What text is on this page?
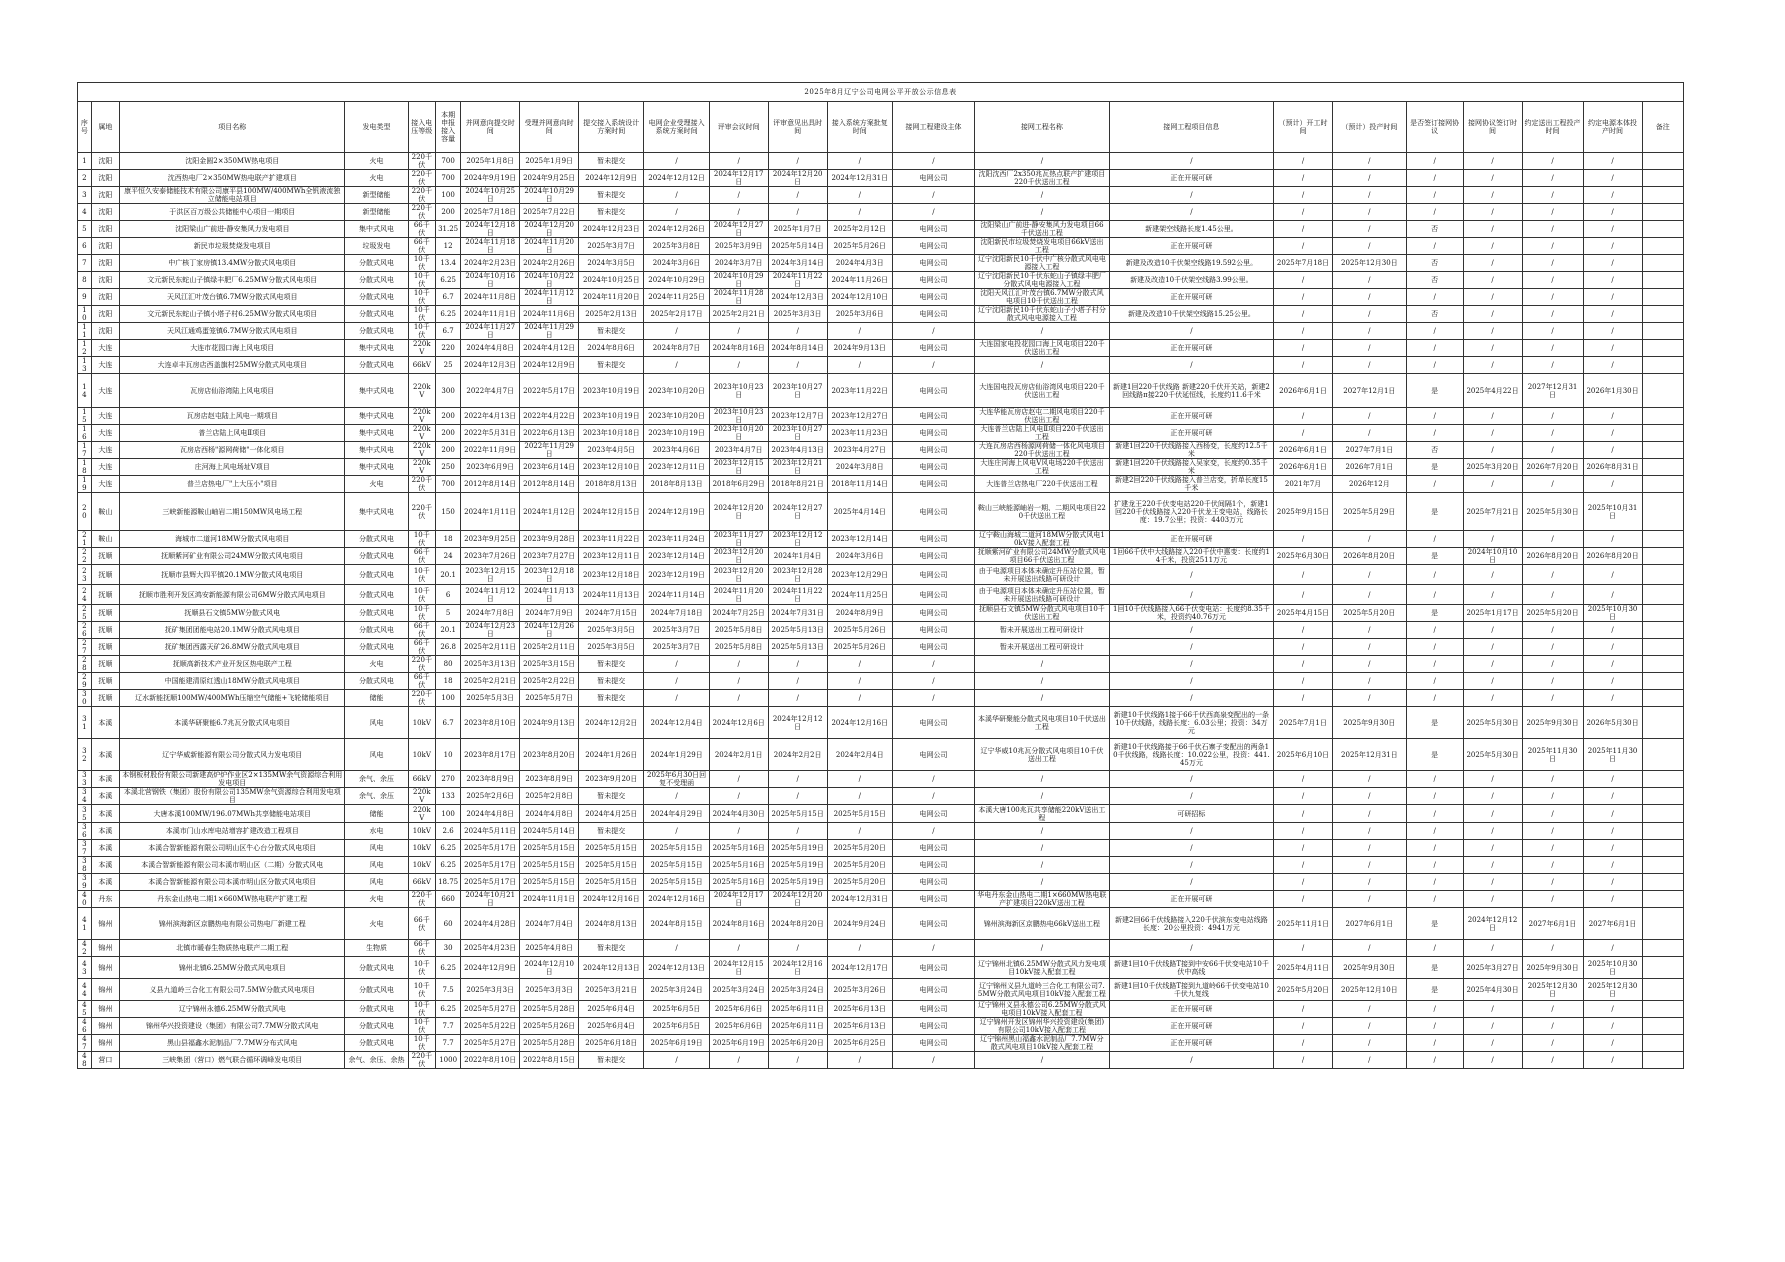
2025年8月辽宁公司电网公平开放公示信息表																						
序号	属地	项目名称	发电类型	接入电压等级	本期申报接入容量	并网意向提交时间	受理并网意向时间	提交接入系统设计方案时间	电网企业受理接入系统方案时间	评审会议时间	评审意见出具时间	接入系统方案批复时间	接网工程建设主体	接网工程名称	接网工程项目信息	（预计）开工时间	（预计）投产时间	是否签订接网协议	接网协议签订时间	约定送出工程投产时间	约定电源本体投产时间	备注
1	沈阳	沈阳金圆2×350MW热电项目	火电	220千伏	700	2025年1月8日	2025年1月9日	暂未提交	/	/	/	/	/	/	/	/	/	/	/	/	/	
2	沈阳	沈西热电厂2×350MW热电联产扩建项目	火电	220千伏	700	2024年9月19日	2024年9月25日	2024年12月9日	2024年12月12日	2024年12月17日	2024年12月20日	2024年12月31日	电网公司	沈阳沈西厂2x350兆瓦热点联产扩建项目220千伏送出工程	正在开展可研	/	/	/	/	/	/	
3	沈阳	康平恒久安泰储能技术有限公司康平县100MW/400MWh全钒液流独立储能电站项目	新型储能	220千伏	100	2024年10月25日	2024年10月29日	暂未提交	/	/	/	/	/	/	/	/	/	/	/	/	/	
4	沈阳	于洪区百万级公共储能中心项目一期项目	新型储能	220千伏	200	2025年7月18日	2025年7月22日	暂未提交	/	/	/	/	/	/	/	/	/	/	/	/	/	
5	沈阳	沈阳梁山广前进-静安集风力发电项目	集中式风电	66千伏	31.25	2024年12月18日	2024年12月20日	2024年12月23日	2024年12月26日	2024年12月27日	2025年1月7日	2025年2月12日	电网公司	沈阳梁山广前进-静安集风力发电项目66千伏送出工程	新建架空线路长度1.45公里。	/	/	否	/	/	/	
6	沈阳	新民市垃圾焚烧发电项目	垃圾发电	66千伏	12	2024年11月18日	2024年11月20日	2025年3月7日	2025年3月8日	2025年3月9日	2025年5月14日	2025年5月26日	电网公司	沈阳新民市垃圾焚烧发电项目66kV送出工程	正在开展可研	/	/	/	/	/	/	
7	沈阳	中广核丁家房镇13.4MW分散式风电项目	分散式风电	10千伏	13.4	2024年2月23日	2024年2月26日	2024年3月5日	2024年3月6日	2024年3月7日	2024年3月14日	2024年4月3日	电网公司	辽宁沈阳新民10千伏中广核分散式风电电源接入工程	新建及改造10千伏架空线路19.592公里。	2025年7月18日	2025年12月30日	否	/	/	/	
8	沈阳	文元新民东蛇山子镇绿丰肥厂6.25MW分散式风电项目	分散式风电	10千伏	6.25	2024年10月16日	2024年10月22日	2024年10月25日	2024年10月29日	2024年10月29日	2024年11月22日	2024年11月26日	电网公司	辽宁沈阳新民10千伏东蛇山子镇绿丰肥厂分散式风电电源接入工程	新建及改造10千伏架空线路3.99公里。	/	/	否	/	/	/	
9	沈阳	天风江汇叶茂台镇6.7MW分散式风电项目	分散式风电	10千伏	6.7	2024年11月8日	2024年11月12日	2024年11月20日	2024年11月25日	2024年11月28日	2024年12月3日	2024年12月10日	电网公司	沈阳天风江汇叶茂台镇6.7MW分散式风电项目10千伏送出工程	正在开展可研	/	/	/	/	/	/	
10	沈阳	文元新民东蛇山子镇小塔子村6.25MW分散式风电项目	分散式风电	10千伏	6.25	2024年11月1日	2024年11月6日	2025年2月13日	2025年2月17日	2025年2月21日	2025年3月3日	2025年3月6日	电网公司	辽宁沈阳新民10千伏东蛇山子小塔子村分散式风电电源接入工程	新建及改造10千伏架空线路15.25公里。	/	/	否	/	/	/	
11	沈阳	天风江通鸡蛋笼镇6.7MW分散式风电项目	分散式风电	10千伏	6.7	2024年11月27日	2024年11月29日	暂未提交	/	/	/	/	/	/	/	/	/	/	/	/	/	
12	大连	大连市花园口海上风电项目	集中式风电	220kV	220	2024年4月8日	2024年4月12日	2024年8月6日	2024年8月7日	2024年8月16日	2024年8月14日	2024年9月13日	电网公司	大连国家电投花园口海上风电项目220千伏送出工程	正在开展可研	/	/	/	/	/	/	
13	大连	大连卓丰瓦房店西盖旗村25MW分散式风电项目	分散式风电	66kV	25	2024年12月3日	2024年12月9日	暂未提交	/	/	/	/	/	/	/	/	/	/	/	/	/	
14	大连	瓦房店仙浴湾陆上风电项目	集中式风电	220kV	300	2022年4月7日	2022年5月17日	2023年10月19日	2023年10月20日	2023年10月23日	2023年10月27日	2023年11月22日	电网公司	大连国电投瓦房店仙浴湾风电项目220千伏送出工程	新建1回220千伏线路 新建220千伏开关站，新建2回线路π接220千伏延恒线，长度约11.6千米	2026年6月1日	2027年12月1日	是	2025年4月22日	2027年12月31日	2026年1月30日	
15	大连	瓦房店赵屯陆上风电一期项目	集中式风电	220kV	200	2022年4月13日	2022年4月22日	2023年10月19日	2023年10月20日	2023年10月23日	2023年12月7日	2023年12月27日	电网公司	大连华能瓦房店赵屯二期风电项目220千伏送出工程	正在开展可研	/	/	/	/	/	/	
16	大连	普兰店陆上风电Ⅱ项目	集中式风电	220kV	200	2022年5月31日	2022年6月13日	2023年10月18日	2023年10月19日	2023年10月20日	2023年10月27日	2023年11月23日	电网公司	大连普兰店陆上风电Ⅱ项目220千伏送出工程	正在开展可研	/	/	/	/	/	/	
17	大连	瓦房店西杨"源网荷储"一体化项目	集中式风电	220kV	200	2022年11月9日	2022年11月29日	2023年4月5日	2023年4月6日	2023年4月7日	2023年4月13日	2023年4月27日	电网公司	大连瓦房店西杨源网荷储一体化风电项目220千伏送出工程	新建1回220千伏线路接入西杨变，长度约12.5千米	2026年6月1日	2027年7月1日	否	/	/	/	
18	大连	庄河海上风电场址V项目	集中式风电	220kV	250	2023年6月9日	2023年6月14日	2023年12月10日	2023年12月11日	2023年12月15日	2023年12月21日	2024年3月8日	电网公司	大连庄河海上风电V风电场220千伏送出工程	新建1回220千伏线路接入吴家变，长度约0.35千米	2026年6月1日	2026年7月1日	是	2025年3月20日	2026年7月20日	2026年8月31日	
19	大连	普兰店热电厂"上大压小"项目	火电	220千伏	700	2012年8月14日	2012年8月14日	2018年8月13日	2018年8月13日	2018年6月29日	2018年8月21日	2018年11月14日	电网公司	大连普兰店热电厂220千伏送出工程	新建2回220千伏线路接入普兰店变，折单长度15千米	2021年7月	2026年12月	/	/	/	/	
20	鞍山	三峡新能源鞍山岫岩二期150MW风电场工程	集中式风电	220千伏	150	2024年1月11日	2024年1月12日	2024年12月15日	2024年12月19日	2024年12月20日	2024年12月27日	2025年4月14日	电网公司	鞍山三峡能源岫岩一期、二期风电项目220千伏送出工程	扩建龙王220千伏变电站220千伏间隔1个，新建1回220千伏线路接入220千伏龙王变电站，线路长度：19.7公里；投资：4403万元	2025年9月15日	2025年5月29日	是	2025年7月21日	2025年5月30日	2025年10月31日	
21	鞍山	海城市二道河18MW分散式风电项目	分散式风电	10千伏	18	2023年9月25日	2023年9月28日	2023年11月22日	2023年11月24日	2023年11月27日	2023年12月12日	2023年12月14日	电网公司	辽宁鞍山海城二道河18MW分散式风电10kV接入配套工程	正在开展可研	/	/	/	/	/	/	
22	抚顺	抚顺紫河矿业有限公司24MW分散式风电项目	分散式风电	66千伏	24	2023年7月26日	2023年7月27日	2023年12月11日	2023年12月14日	2023年12月20日	2024年1月4日	2024年3月6日	电网公司	抚顺紫河矿业有限公司24MW分散式风电项目66千伏送出工程	1回66千伏中大线路接入220千伏中惠变：长度约14千米，投资2511万元	2025年6月30日	2026年8月20日	是	2024年10月10日	2026年8月20日	2026年8月20日	
23	抚顺	抚顺市县辉大四平镇20.1MW分散式风电项目	分散式风电	10千伏	20.1	2023年12月15日	2023年12月18日	2023年12月18日	2023年12月19日	2023年12月20日	2023年12月28日	2023年12月29日	电网公司	由于电源项目本体未确定升压站位置，暂未开展送出线路可研设计	/	/	/	/	/	/	/	
24	抚顺	抚顺市胜利开发区鸿安新能源有限公司6MW分散式风电项目	分散式风电	10千伏	6	2024年11月12日	2024年11月13日	2024年11月13日	2024年11月14日	2024年11月20日	2024年11月22日	2024年11月25日	电网公司	由于电源项目本体未确定升压站位置，暂未开展送出线路可研设计	/	/	/	/	/	/	/	
25	抚顺	抚顺县石文镇5MW分散式风电	分散式风电	10千伏	5	2024年7月8日	2024年7月9日	2024年7月15日	2024年7月18日	2024年7月25日	2024年7月31日	2024年8月9日	电网公司	抚顺县石文镇5MW分散式风电项目10千伏送出工程	1回10千伏线路接入66千伏变电站：长度约8.35千米，投资约40.76万元	2025年4月15日	2025年5月20日	是	2025年1月17日	2025年5月20日	2025年10月30日	
26	抚顺	抚矿集团团能电站20.1MW分散式风电项目	分散式风电	66千伏	20.1	2024年12月23日	2024年12月26日	2025年3月5日	2025年3月7日	2025年5月8日	2025年5月13日	2025年5月26日	电网公司	暂未开展送出工程可研设计	/	/	/	/	/	/	/	
27	抚顺	抚矿集团西露天矿26.8MW分散式风电项目	分散式风电	66千伏	26.8	2025年2月11日	2025年2月11日	2025年3月5日	2025年3月7日	2025年5月8日	2025年5月13日	2025年5月26日	电网公司	暂未开展送出工程可研设计	/	/	/	/	/	/	/	
28	抚顺	抚顺高新技术产业开发区热电联产工程	火电	220千伏	80	2025年3月13日	2025年3月15日	暂未提交	/	/	/	/	/	/	/	/	/	/	/	/	/	
29	抚顺	中国能建清原红透山18MW分散式风电项目	分散式风电	66千伏	18	2025年2月21日	2025年2月22日	暂未提交	/	/	/	/	/	/	/	/	/	/	/	/	/	
30	抚顺	辽水新能抚顺100MW/400MWh压缩空气储能+飞轮储能项目	储能	220千伏	100	2025年5月3日	2025年5月7日	暂未提交	/	/	/	/	/	/	/	/	/	/	/	/	/	
31	本溪	本溪华研聚能6.7兆瓦分散式风电项目	风电	10kV	6.7	2023年8月10日	2024年9月13日	2024年12月2日	2024年12月4日	2024年12月6日	2024年12月12日	2024年12月16日	电网公司	本溪华研聚能分散式风电项目10千伏送出工程	新建10千伏线路1接于66千伏西高泉变配出的一条10千伏线路，线路长度：6.03公里；投资：34万元	2025年7月1日	2025年9月30日	是	2025年5月30日	2025年9月30日	2026年5月30日	
32	本溪	辽宁华威新能源有限公司分散式风力发电项目	风电	10kV	10	2023年8月17日	2023年8月20日	2024年1月26日	2024年1月29日	2024年2月1日	2024年2月2日	2024年2月4日	电网公司	辽宁华威10兆瓦分散式风电项目10千伏送出工程	新建10千伏线路接于66千伏石寨子变配出的两条10千伏线路，线路长度：10.022公里，投资：441.45万元	2025年6月10日	2025年12月31日	是	2025年5月30日	2025年11月30日	2025年11月30日	
33	本溪	本钢板材股份有限公司新建高炉炉作业区2×135MW余气资源综合利用发电项目	余气、余压	66kV	270	2023年8月9日	2023年8月9日	2023年9月20日	2025年6月30日回复不受理函	/	/	/	/	/	/	/	/	/	/	/	/	
34	本溪	本溪北营钢铁（集团）股份有限公司135MW余气资源综合利用发电项目	余气、余压	220kV	133	2025年2月6日	2025年2月8日	暂未提交	/	/	/	/	/	/	/	/	/	/	/	/	/	
35	本溪	大唐本溪100MW/196.07MWh共享储能电站项目	储能	220kV	100	2024年4月8日	2024年4月8日	2024年4月25日	2024年4月29日	2024年4月30日	2025年5月15日	2025年5月15日	电网公司	本溪大唐100兆瓦共享储能220kV送出工程	可研招标	/	/	/	/	/	/	
36	本溪	本溪市门山水库电站增容扩建改造工程项目	水电	10kV	2.6	2024年5月11日	2024年5月14日	暂未提交	/	/	/	/	/	/	/	/	/	/	/	/	/	
37	本溪	本溪合智新能源有限公司明山区牛心台分散式风电项目	风电	10kV	6.25	2025年5月17日	2025年5月15日	2025年5月15日	2025年5月15日	2025年5月16日	2025年5月19日	2025年5月20日	电网公司	/	/	/	/	/	/	/	/	
38	本溪	本溪合智新能源有限公司本溪市明山区（二期）分散式风电	风电	10kV	6.25	2025年5月17日	2025年5月15日	2025年5月15日	2025年5月15日	2025年5月16日	2025年5月19日	2025年5月20日	电网公司	/	/	/	/	/	/	/	/	
39	本溪	本溪合智新能源有限公司本溪市明山区分散式风电项目	风电	66kV	18.75	2025年5月17日	2025年5月15日	2025年5月15日	2025年5月15日	2025年5月16日	2025年5月19日	2025年5月20日	电网公司	/	/	/	/	/	/	/	/	
40	丹东	丹东金山热电二期1×660MW热电联产扩建工程	火电	220千伏	660	2024年10月21日	2024年11月1日	2024年12月16日	2024年12月16日	2024年12月17日	2024年12月20日	2024年12月31日	电网公司	华电丹东金山热电二期1×660MW热电联产扩建项目220kV送出工程	正在开展可研	/	/	/	/	/	/	
41	锦州	锦州滨海新区京鹏热电有限公司热电厂新建工程	火电	66千伏	60	2024年4月28日	2024年7月4日	2024年8月13日	2024年8月15日	2024年8月16日	2024年8月20日	2024年9月24日	电网公司	锦州滨海新区京鹏热电66kV送出工程	新建2回66千伏线路接入220千伏滨东变电站线路长度：20公里投资：4941万元	2025年11月1日	2027年6月1日	是	2024年12月12日	2027年6月1日	2027年6月1日	
42	锦州	北镇市暖春生物质热电联产二期工程	生物质	66千伏	30	2025年4月23日	2025年4月8日	暂未提交	/	/	/	/	/	/	/	/	/	/	/	/	/	
43	锦州	锦州北镇6.25MW分散式风电项目	分散式风电	10千伏	6.25	2024年12月9日	2024年12月10日	2024年12月13日	2024年12月13日	2024年12月15日	2024年12月16日	2024年12月17日	电网公司	辽宁锦州北镇6.25MW分散式风力发电项目10kV接入配套工程	新建1回10千伏线路T接到中安66千伏变电站10千伏中高线	2025年4月11日	2025年9月30日	是	2025年3月27日	2025年9月30日	2025年10月30日	
44	锦州	义县九道岭三合化工有限公司7.5MW分散式风电项目	分散式风电	10千伏	7.5	2025年3月3日	2025年3月3日	2025年3月21日	2025年3月24日	2025年3月24日	2025年3月24日	2025年3月26日	电网公司	辽宁锦州义县九道岭三合化工有限公司7.5MW分散式风电项目10kV接入配套工程	新建1回10千伏线路T接到九道岭66千伏变电站10千伏九复线	2025年5月20日	2025年12月10日	是	2025年4月30日	2025年12月30日	2025年12月30日	
45	锦州	辽宁锦州永德6.25MW分散式风电	分散式风电	10千伏	6.25	2025年5月27日	2025年5月28日	2025年6月4日	2025年6月5日	2025年6月6日	2025年6月11日	2025年6月13日	电网公司	辽宁锦州义县永德公司6.25MW分散式风电项目10kV接入配套工程	正在开展可研	/	/	/	/	/	/	
46	锦州	锦州华兴投资建设（集团）有限公司7.7MW分散式风电	分散式风电	10千伏	7.7	2025年5月22日	2025年5月26日	2025年6月4日	2025年6月5日	2025年6月6日	2025年6月11日	2025年6月13日	电网公司	辽宁锦州开发区锦州华兴投资建设(集团)有限公司10kV接入配套工程	正在开展可研	/	/	/	/	/	/	
47	锦州	黑山县福鑫水泥制品厂7.7MW分布式风电	分散式风电	10千伏	7.7	2025年5月27日	2025年5月28日	2025年6月18日	2025年6月19日	2025年6月19日	2025年6月20日	2025年6月25日	电网公司	辽宁锦州黑山福鑫水泥制品厂7.7MW分散式风电项目10kV接入配套工程	正在开展可研	/	/	/	/	/	/	
48	营口	三峡集团（营口）燃气联合循环调峰发电项目	余气、余压、余热	220千伏	1000	2022年8月10日	2022年8月15日	暂未提交	/	/	/	/	/	/	/	/	/	/	/	/	/	
